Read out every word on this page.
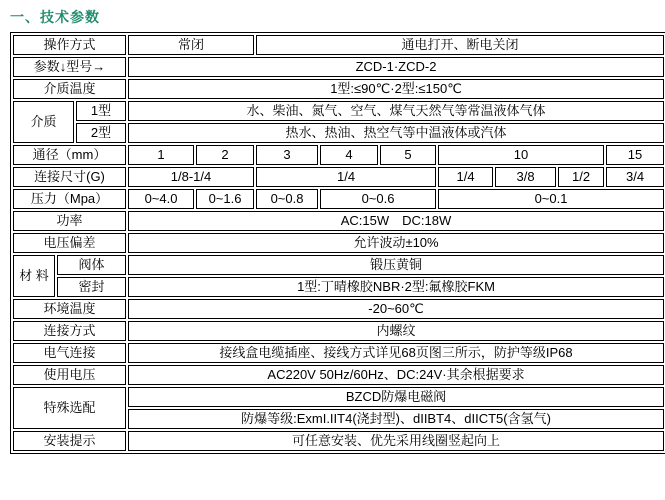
一、技术参数
操作方式			常闭		通电打开、断电关闭						
参数↓型号→			ZCD-1·ZCD-2								
介质温度			1型:≤90℃·2型:≤150℃								
介质		1型	水、柴油、氮气、空气、煤气天然气等常温液体气体								
		2型	热水、热油、热空气等中温液体或汽体								
通径（mm）			1	2	3	4	5	10			15
连接尺寸(G)			1/8-1/4		1/4			1/4	3/8	1/2	3/4
压力（Mpa）			0~4.0	0~1.6	0~0.8	0~0.6		0~0.1			
功率			AC:15W　DC:18W								
电压偏差			允许波动±10%								
材 料	阀体		锻压黄铜								
	密封		1型:丁晴橡胶NBR·2型:氟橡胶FKM								
环境温度			-20~60℃								
连接方式			内螺纹								
电气连接			接线盒电缆插座、接线方式详见68页图三所示，防护等级IP68								
使用电压			AC220V 50Hz/60Hz、DC:24V·其余根据要求								
特殊选配			BZCD防爆电磁阀								
			防爆等级:ExmI.IIT4(浇封型)、dIIBT4、dIICT5(含氢气)								
安装提示			可任意安装、优先采用线圈竖起向上								
